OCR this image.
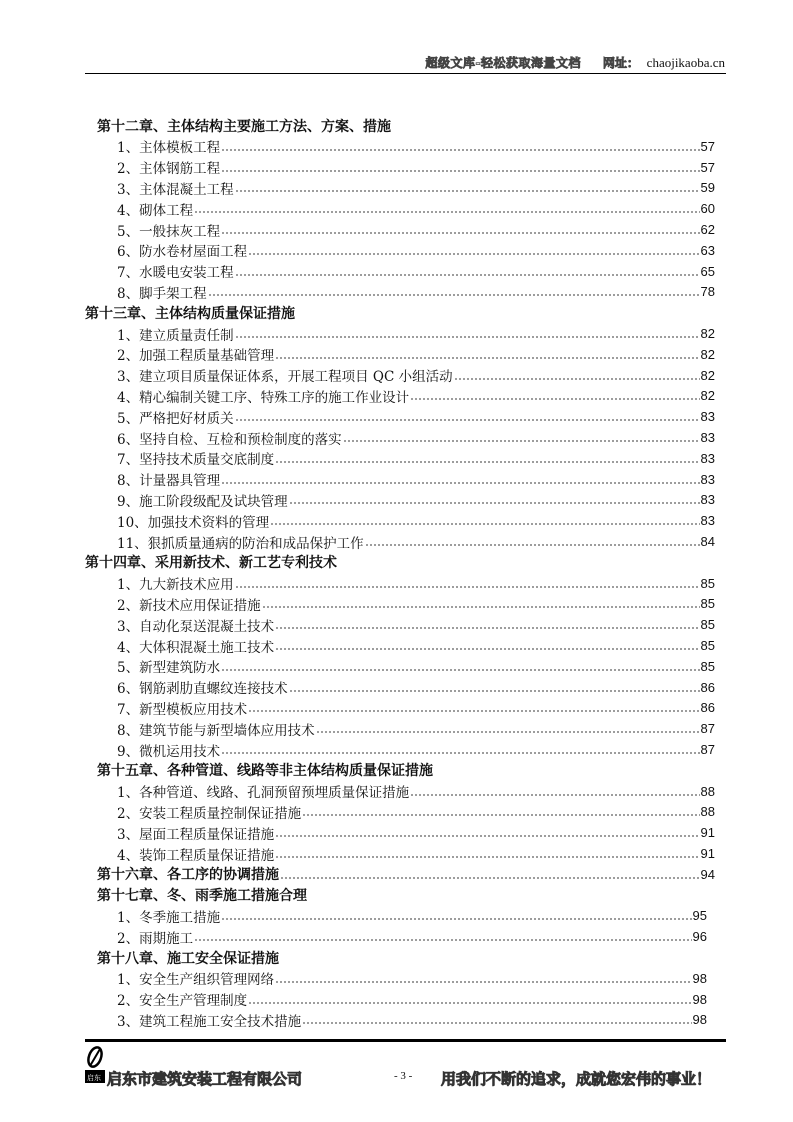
超级文库-轻松获取海量文档 网址： chaojikaoba.cn
第十二章、主体结构主要施工方法、方案、措施
1、主体模板工程	57
2、主体钢筋工程	57
3、主体混凝土工程	59
4、砌体工程	60
5、一般抹灰工程	62
6、防水卷材屋面工程	63
7、水暖电安装工程	65
8、脚手架工程	78
第十三章、主体结构质量保证措施
1、建立质量责任制	82
2、加强工程质量基础管理	82
3、建立项目质量保证体系，开展工程项目 QC 小组活动	82
4、精心编制关键工序、特殊工序的施工作业设计	82
5、严格把好材质关	83
6、坚持自检、互检和预检制度的落实	83
7、坚持技术质量交底制度	83
8、计量器具管理	83
9、施工阶段级配及试块管理	83
10、加强技术资料的管理	83
11、狠抓质量通病的防治和成品保护工作	84
第十四章、采用新技术、新工艺专利技术
1、九大新技术应用	85
2、新技术应用保证措施	85
3、自动化泵送混凝土技术	85
4、大体积混凝土施工技术	85
5、新型建筑防水	85
6、钢筋剥肋直螺纹连接技术	86
7、新型模板应用技术	86
8、建筑节能与新型墙体应用技术	87
9、微机运用技术	87
第十五章、各种管道、线路等非主体结构质量保证措施
1、各种管道、线路、孔洞预留预埋质量保证措施	88
2、安装工程质量控制保证措施	88
3、屋面工程质量保证措施	91
4、装饰工程质量保证措施	91
第十六章、各工序的协调措施	94
第十七章、冬、雨季施工措施合理
1、冬季施工措施	95
2、雨期施工	96
第十八章、施工安全保证措施
1、安全生产组织管理网络	98
2、安全生产管理制度	98
3、建筑工程施工安全技术措施	98
启东 启东市建筑安装工程有限公司	- 3 - 用我们不断的追求，成就您宏伟的事业！
